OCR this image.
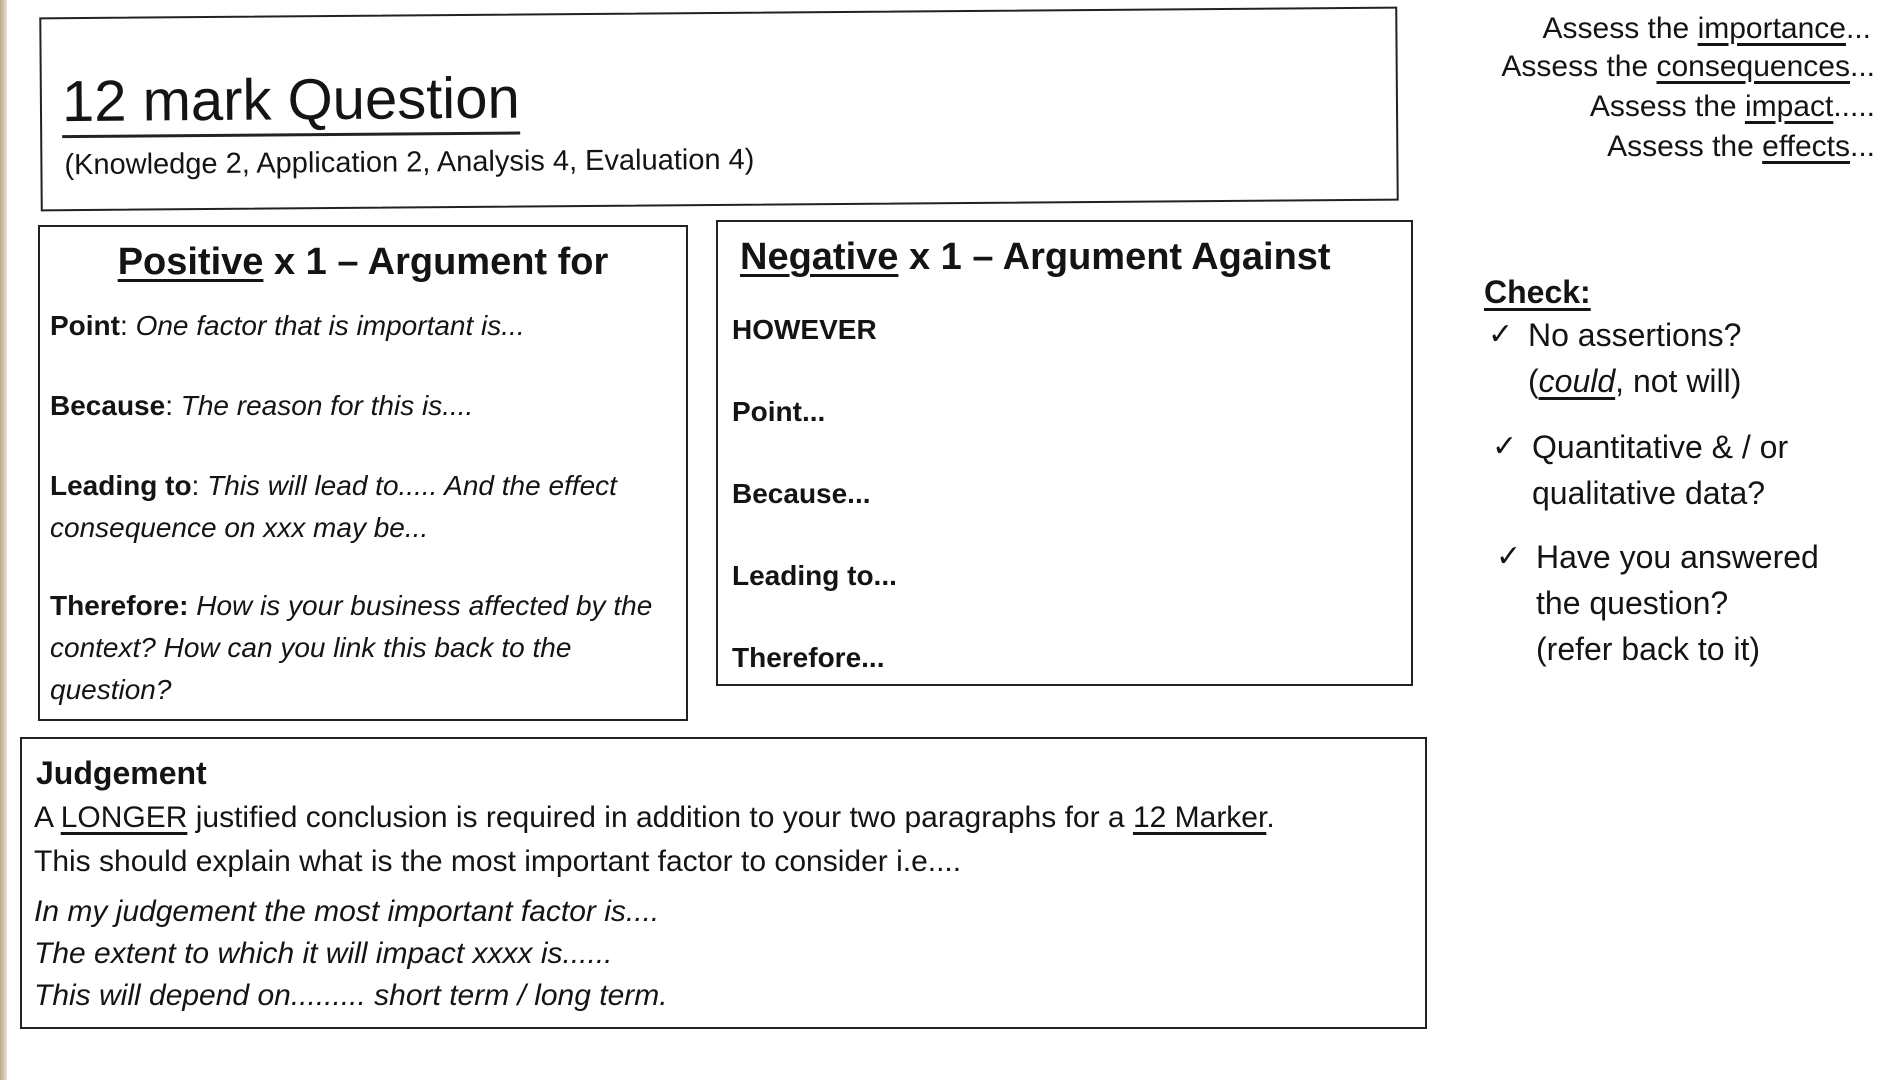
12 mark Question
(Knowledge 2, Application 2, Analysis 4, Evaluation 4)
Assess the importance...
Assess the consequences...
Assess the impact.....
Assess the effects...
Positive x 1 – Argument for
Point: One factor that is important is...
Because: The reason for this is....
Leading to: This will lead to..... And the effect consequence on xxx may be...
Therefore: How is your business affected by the context? How can you link this back to the question?
Negative x 1 – Argument Against
HOWEVER
Point...
Because...
Leading to...
Therefore...
Check:
✓ No assertions?
(could, not will)
✓ Quantitative & / or
qualitative data?
✓ Have you answered
the question?
(refer back to it)
Judgement
A LONGER justified conclusion is required in addition to your two paragraphs for a 12 Marker.
This should explain what is the most important factor to consider i.e....
In my judgement the most important factor is....
The extent to which it will impact xxxx is......
This will depend on......... short term / long term.
